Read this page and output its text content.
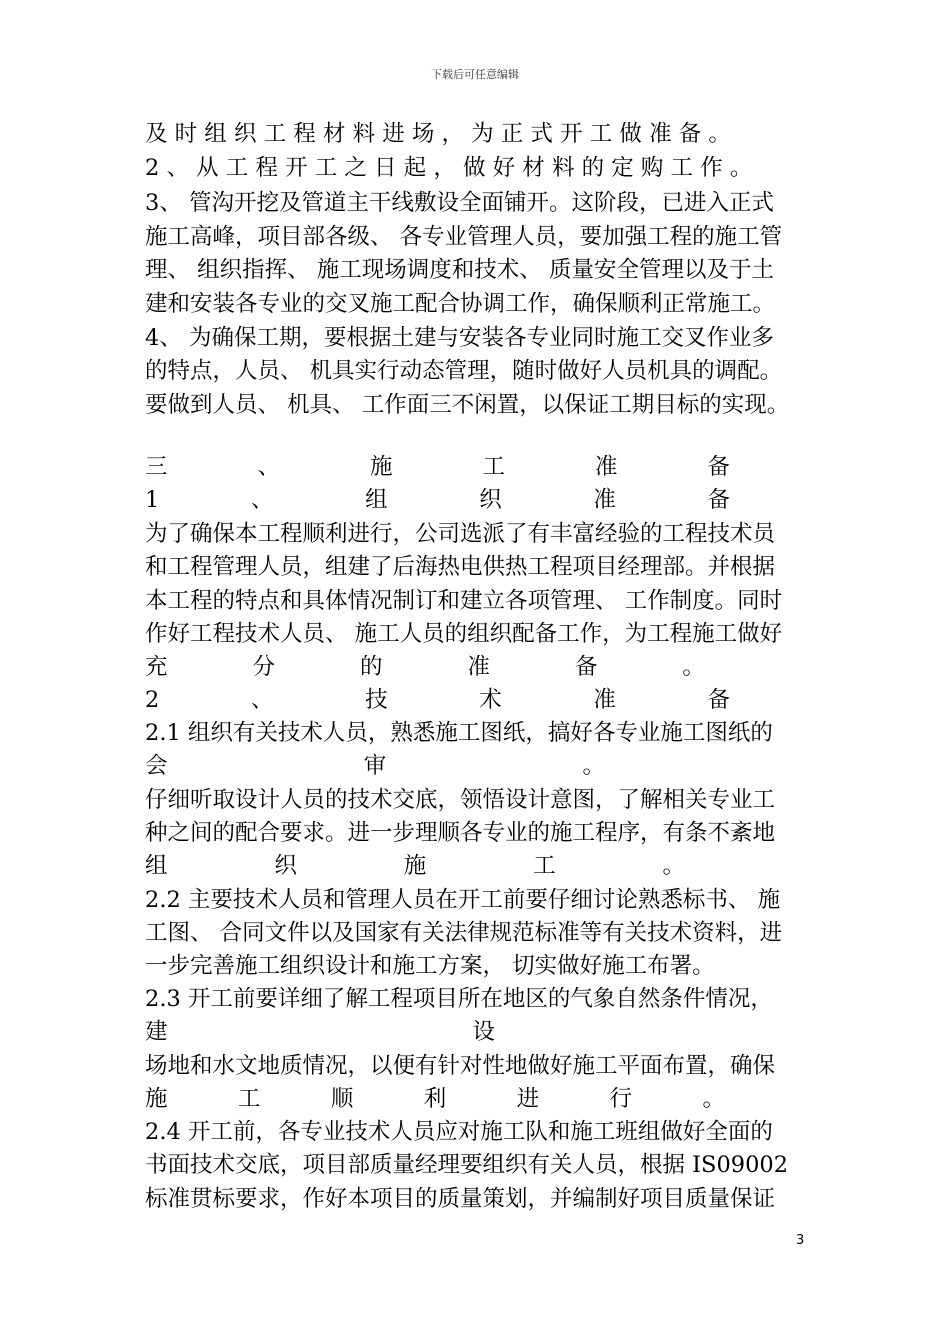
下载后可任意编辑
及 时 组 织 工 程 材 料 进 场 ， 为 正 式 开 工 做 准 备 。
2 、 从 工 程 开 工 之 日 起 ， 做 好 材 料 的 定 购 工 作 。
3、 管沟开挖及管道主干线敷设全面铺开。这阶段，已进入正式
施工高峰，项目部各级、 各专业管理人员，要加强工程的施工管
理、 组织指挥、 施工现场调度和技术、 质量安全管理以及于土
建和安装各专业的交叉施工配合协调工作，确保顺利正常施工。
4、 为确保工期，要根据土建与安装各专业同时施工交叉作业多
的特点，人员、 机具实行动态管理，随时做好人员机具的调配。
要做到人员、 机具、 工作面三不闲置，以保证工期目标的实现。
三	、	施	工	准	备
1	、	组	织	准	备
为了确保本工程顺利进行，公司选派了有丰富经验的工程技术员
和工程管理人员，组建了后海热电供热工程项目经理部。并根据
本工程的特点和具体情况制订和建立各项管理、 工作制度。同时
作好工程技术人员、 施工人员的组织配备工作，为工程施工做好
充	分	的	准	备	。
2	、	技	术	准	备
2.1 组织有关技术人员，熟悉施工图纸，搞好各专业施工图纸的
会	审	。
仔细听取设计人员的技术交底，领悟设计意图，了解相关专业工
种之间的配合要求。进一步理顺各专业的施工程序，有条不紊地
组	织	施	工	。
2.2 主要技术人员和管理人员在开工前要仔细讨论熟悉标书、 施
工图、 合同文件以及国家有关法律规范标准等有关技术资料，进
一步完善施工组织设计和施工方案， 切实做好施工布署。
2.3 开工前要详细了解工程项目所在地区的气象自然条件情况，
建	设
场地和水文地质情况，以便有针对性地做好施工平面布置，确保
施	工	顺	利	进	行	。
2.4 开工前，各专业技术人员应对施工队和施工班组做好全面的
书面技术交底，项目部质量经理要组织有关人员，根据 IS09002
标准贯标要求，作好本项目的质量策划，并编制好项目质量保证
3
